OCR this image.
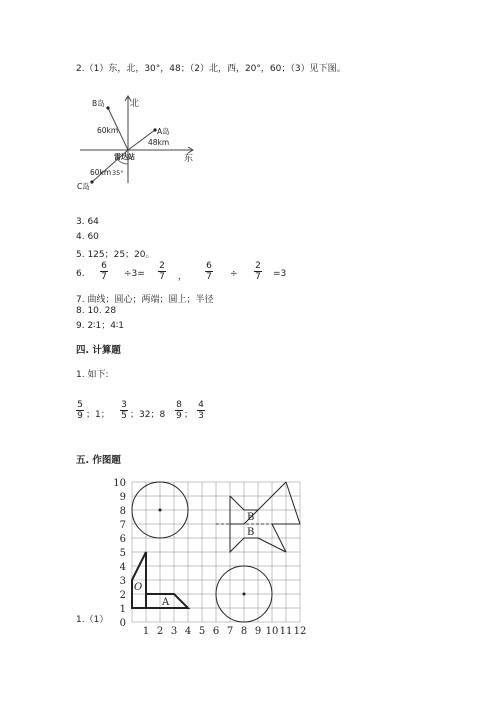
2.（1）东，北，30°，48；（2）北，西，20°，60；（3）见下图。
北
东
雷达站
B岛
A岛
C岛
60km
48km
60km 35°
3. 64
4. 60
5. 125；25；20。
6.
6
7 ÷3=
2
7 ，
6
7 ÷
2
7 =3
7. 曲线；圆心；两端；圆上；半径
8. 10. 28
9. 2∶1；4∶1
四. 计算题
1. 如下:
5
9 ；1；
3
5 ；32；8
8
9 ；
4
3
五. 作图题
1.（1）
10
9
8
7
6
5
4
3
2
1
0
1 2 3 4 5 6 7 8 9 10 11 12
O
A
B
B
